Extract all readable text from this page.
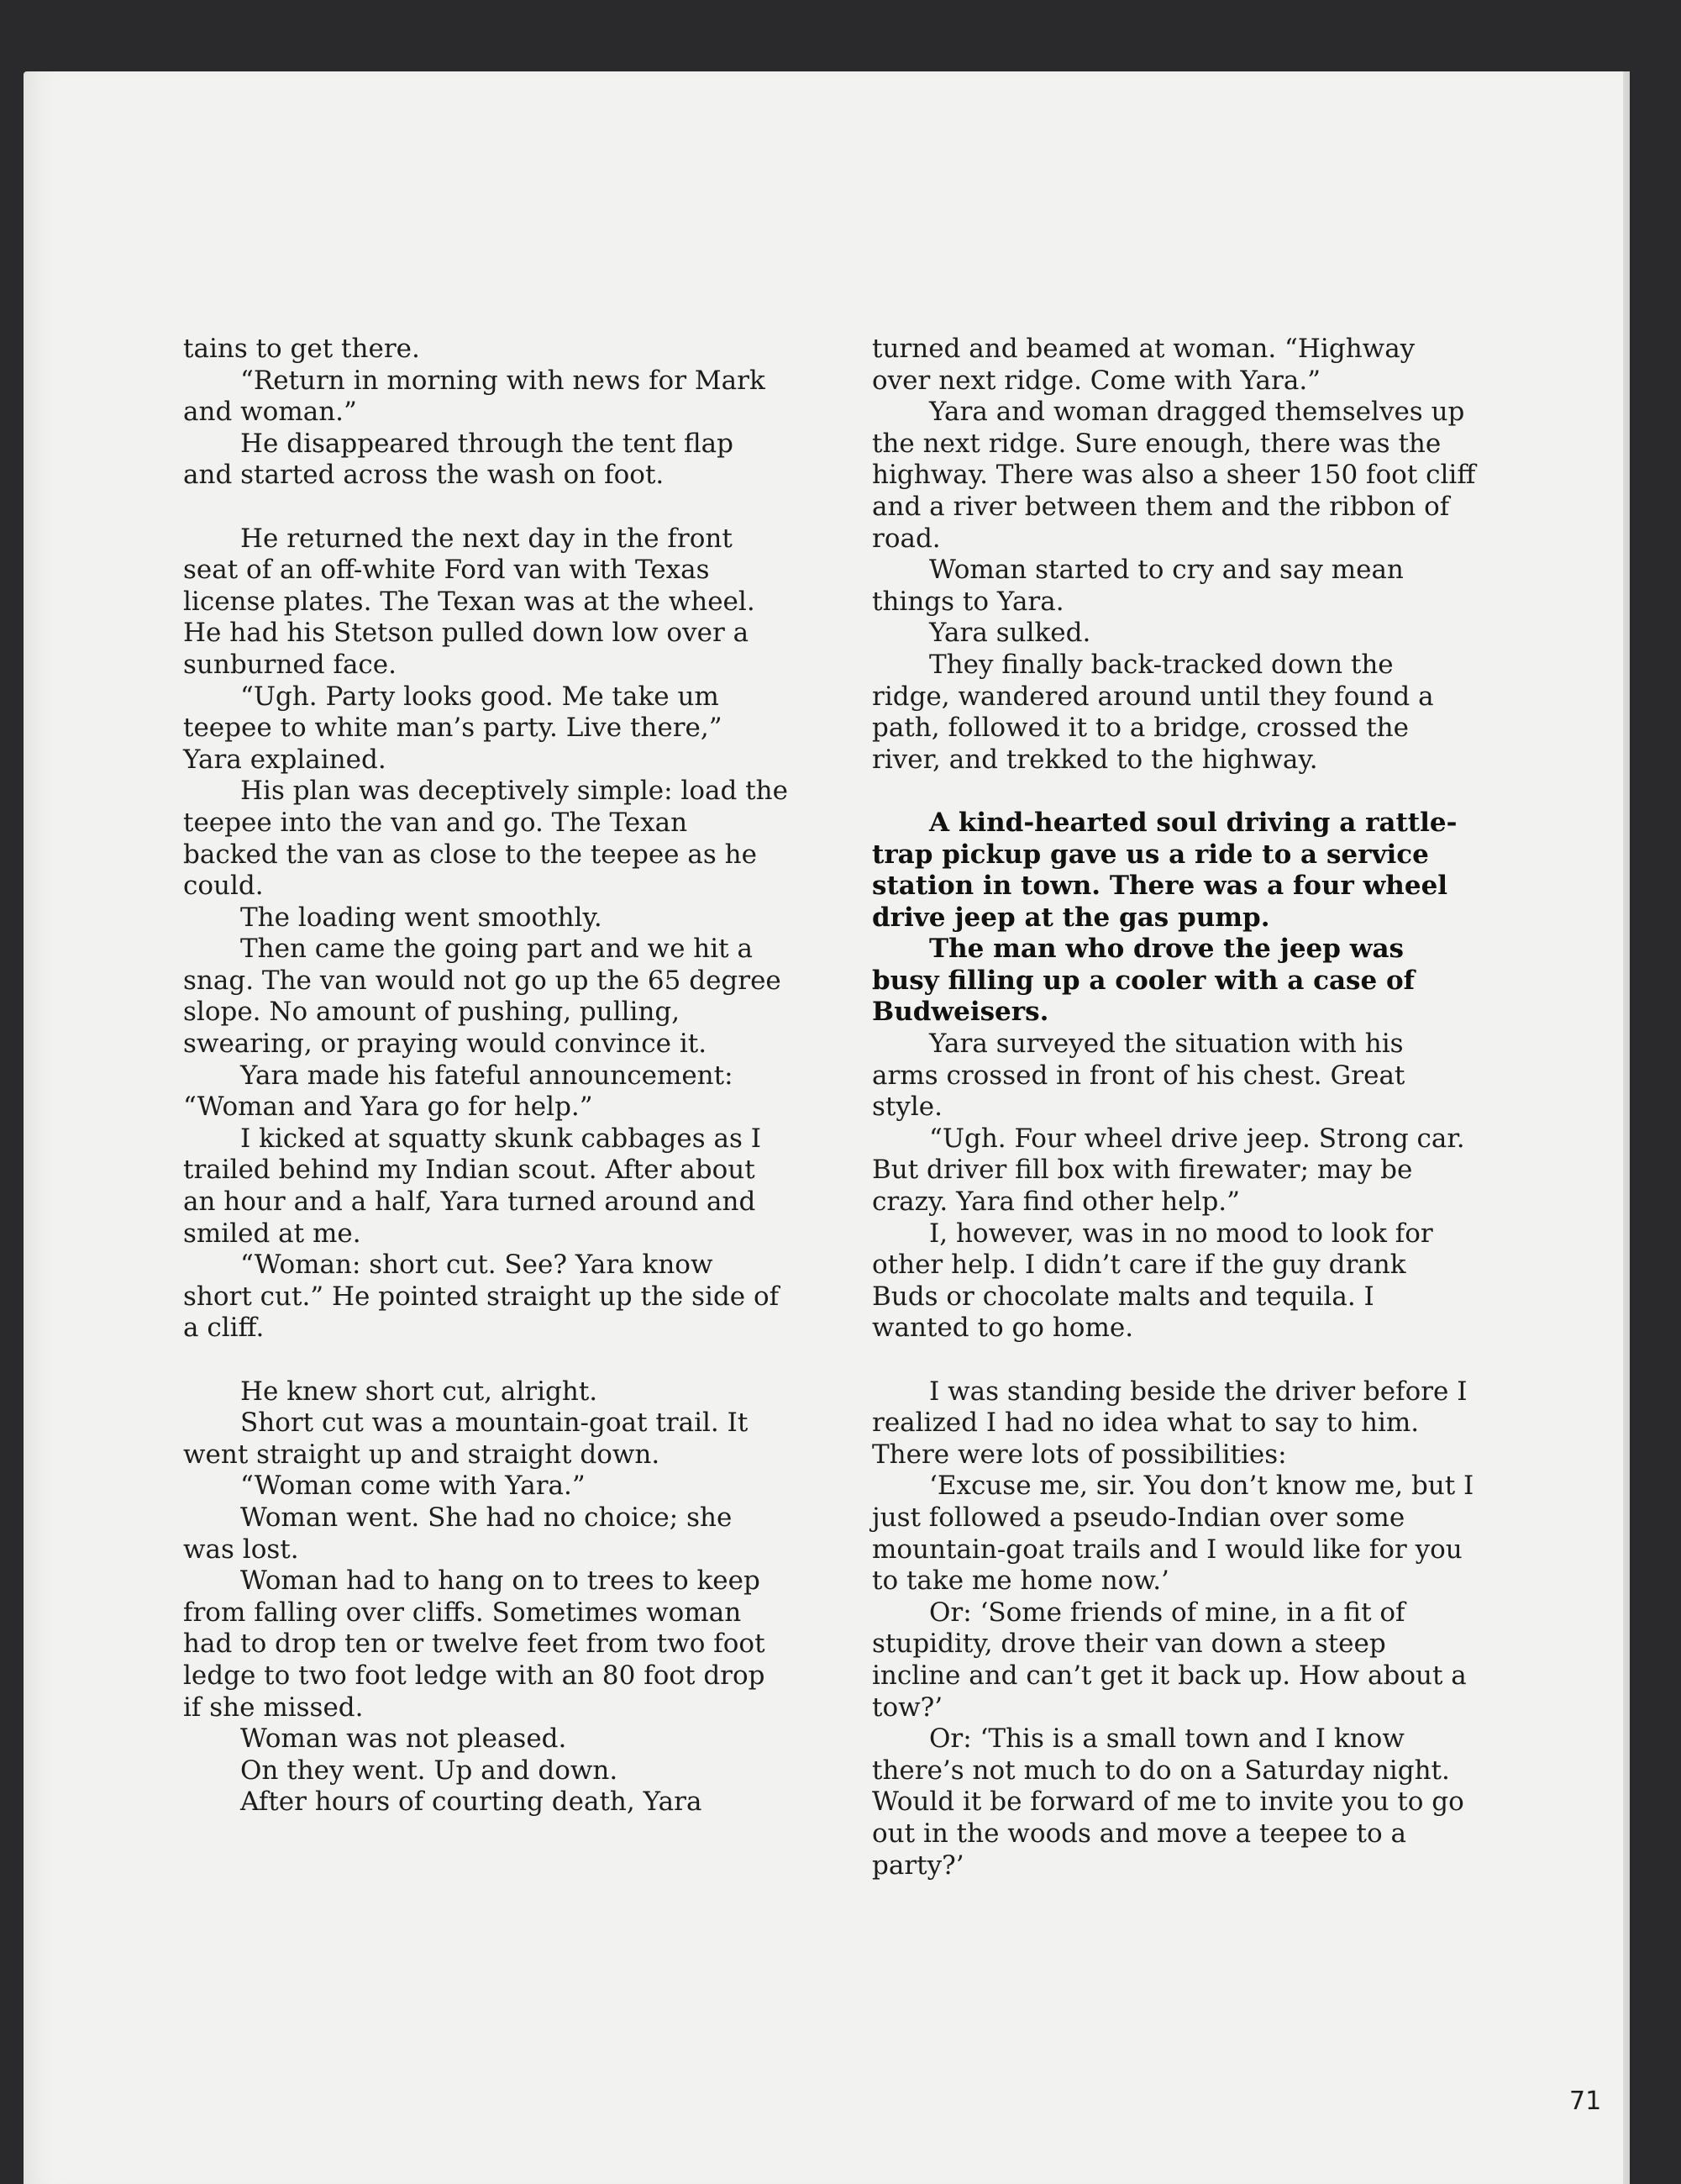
tains to get there.

“Return in morning with news for Mark and woman.”

He disappeared through the tent flap and started across the wash on foot.

He returned the next day in the front seat of an off-white Ford van with Texas license plates. The Texan was at the wheel. He had his Stetson pulled down low over a sunburned face.

“Ugh. Party looks good. Me take um teepee to white man’s party. Live there,” Yara explained.

His plan was deceptively simple: load the teepee into the van and go. The Texan backed the van as close to the teepee as he could.

The loading went smoothly.

Then came the going part and we hit a snag. The van would not go up the 65 degree slope. No amount of pushing, pulling, swearing, or praying would convince it.

Yara made his fateful announcement: “Woman and Yara go for help.”

I kicked at squatty skunk cabbages as I trailed behind my Indian scout. After about an hour and a half, Yara turned around and smiled at me.

“Woman: short cut. See? Yara know short cut.” He pointed straight up the side of a cliff.

He knew short cut, alright.

Short cut was a mountain-goat trail. It went straight up and straight down.

“Woman come with Yara.”

Woman went. She had no choice; she was lost.

Woman had to hang on to trees to keep from falling over cliffs. Sometimes woman had to drop ten or twelve feet from two foot ledge to two foot ledge with an 80 foot drop if she missed.

Woman was not pleased.

On they went. Up and down.

After hours of courting death, Yara

turned and beamed at woman. “Highway over next ridge. Come with Yara.”

Yara and woman dragged themselves up the next ridge. Sure enough, there was the highway. There was also a sheer 150 foot cliff and a river between them and the ribbon of road.

Woman started to cry and say mean things to Yara.

Yara sulked.

They finally back-tracked down the ridge, wandered around until they found a path, followed it to a bridge, crossed the river, and trekked to the highway.

A kind-hearted soul driving a rattle-trap pickup gave us a ride to a service station in town. There was a four wheel drive jeep at the gas pump.

The man who drove the jeep was busy filling up a cooler with a case of Budweisers.

Yara surveyed the situation with his arms crossed in front of his chest. Great style.

“Ugh. Four wheel drive jeep. Strong car. But driver fill box with firewater; may be crazy. Yara find other help.”

I, however, was in no mood to look for other help. I didn’t care if the guy drank Buds or chocolate malts and tequila. I wanted to go home.

I was standing beside the driver before I realized I had no idea what to say to him. There were lots of possibilities:

‘Excuse me, sir. You don’t know me, but I just followed a pseudo-Indian over some mountain-goat trails and I would like for you to take me home now.’

Or: ‘Some friends of mine, in a fit of stupidity, drove their van down a steep incline and can’t get it back up. How about a tow?’

Or: ‘This is a small town and I know there’s not much to do on a Saturday night. Would it be forward of me to invite you to go out in the woods and move a teepee to a party?’

71
